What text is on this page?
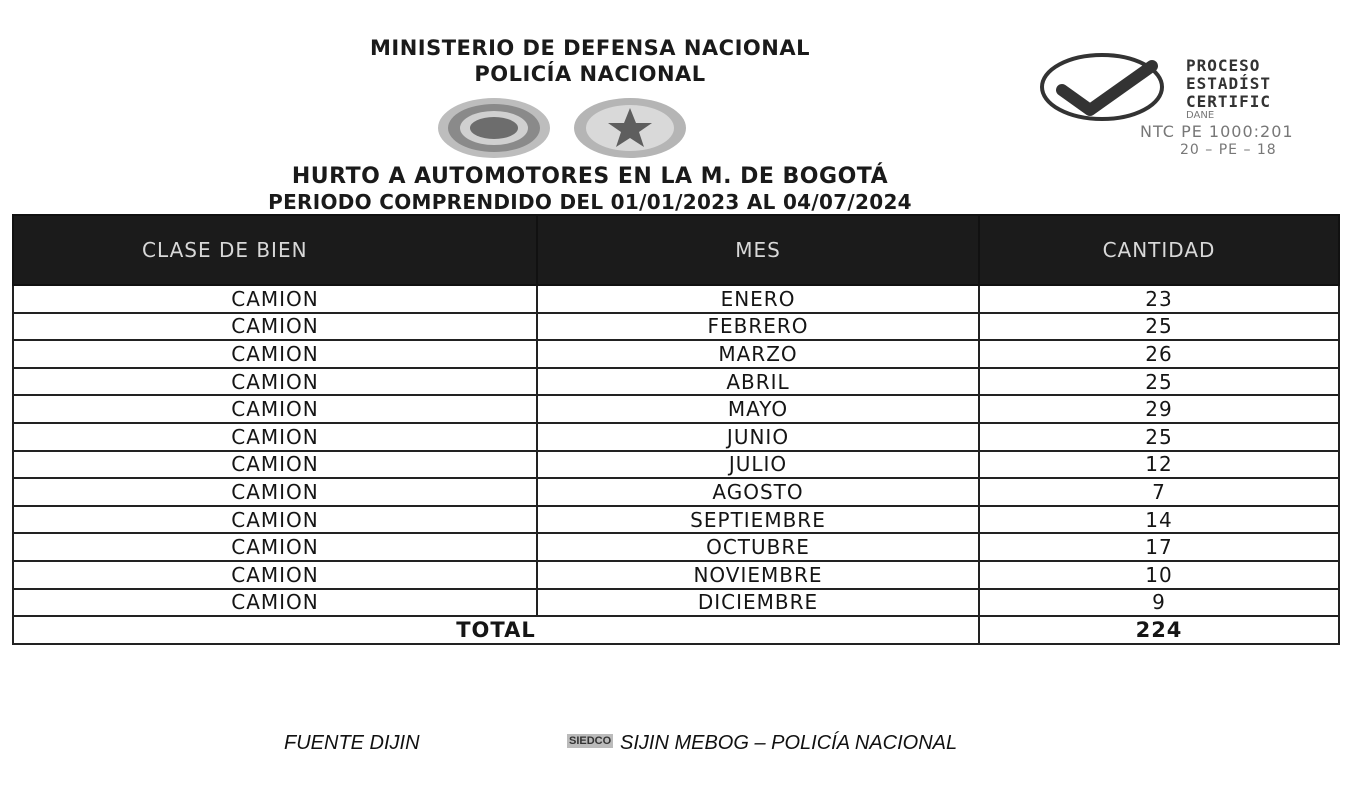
MINISTERIO DE DEFENSA NACIONAL
POLICÍA NACIONAL	PROCESO
ESTADÍST
CERTIFIC
DANE
NTC PE 1000:201
20 – PE – 18
HURTO A AUTOMOTORES EN LA M. DE BOGOTÁ
PERIODO COMPRENDIDO DEL 01/01/2023 AL 04/07/2024
CLASE DE BIEN	MES	CANTIDAD
CAMION	ENERO	23
CAMION	FEBRERO	25
CAMION	MARZO	26
CAMION	ABRIL	25
CAMION	MAYO	29
CAMION	JUNIO	25
CAMION	JULIO	12
CAMION	AGOSTO	7
CAMION	SEPTIEMBRE	14
CAMION	OCTUBRE	17
CAMION	NOVIEMBRE	10
CAMION	DICIEMBRE	9
TOTAL		224
FUENTE DIJIN	SIEDCO SIJIN MEBOG – POLICÍA NACIONAL
